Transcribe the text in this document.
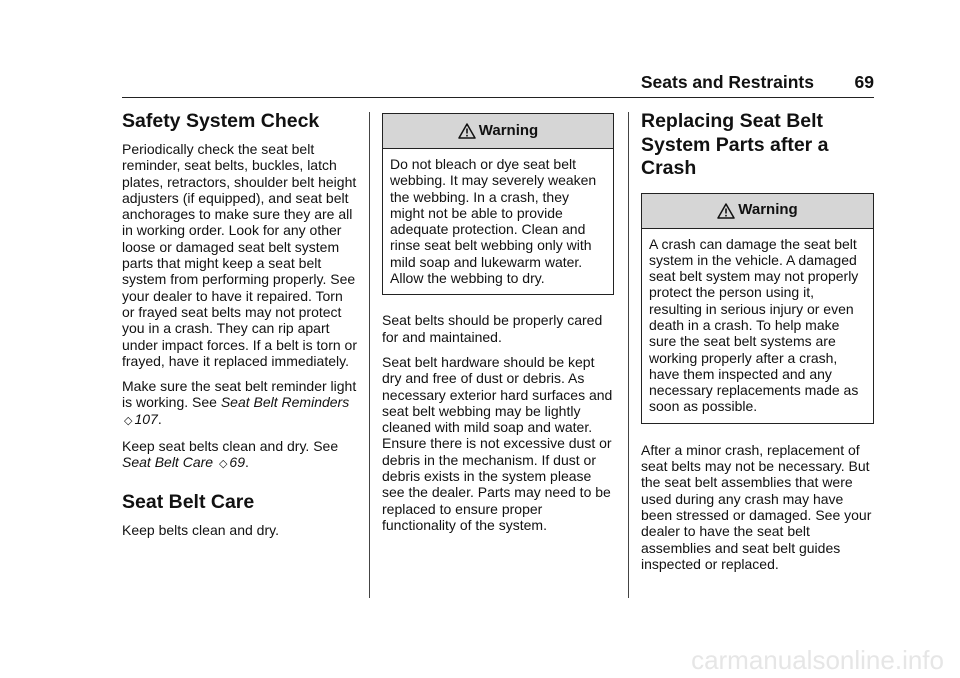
Seats and Restraints 69
Safety System Check

Periodically check the seat belt reminder, seat belts, buckles, latch plates, retractors, shoulder belt height adjusters (if equipped), and seat belt anchorages to make sure they are all in working order. Look for any other loose or damaged seat belt system parts that might keep a seat belt system from performing properly. See your dealer to have it repaired. Torn or frayed seat belts may not protect you in a crash. They can rip apart under impact forces. If a belt is torn or frayed, have it replaced immediately.

Make sure the seat belt reminder light is working. See Seat Belt Reminders ◇ 107.

Keep seat belts clean and dry. See Seat Belt Care ◇ 69.

Seat Belt Care

Keep belts clean and dry.

Warning
Do not bleach or dye seat belt webbing. It may severely weaken the webbing. In a crash, they might not be able to provide adequate protection. Clean and rinse seat belt webbing only with mild soap and lukewarm water. Allow the webbing to dry.

Seat belts should be properly cared for and maintained.

Seat belt hardware should be kept dry and free of dust or debris. As necessary exterior hard surfaces and seat belt webbing may be lightly cleaned with mild soap and water. Ensure there is not excessive dust or debris in the mechanism. If dust or debris exists in the system please see the dealer. Parts may need to be replaced to ensure proper functionality of the system.

Replacing Seat Belt System Parts after a Crash
Warning
A crash can damage the seat belt system in the vehicle. A damaged seat belt system may not properly protect the person using it, resulting in serious injury or even death in a crash. To help make sure the seat belt systems are working properly after a crash, have them inspected and any necessary replacements made as soon as possible.

After a minor crash, replacement of seat belts may not be necessary. But the seat belt assemblies that were used during any crash may have been stressed or damaged. See your dealer to have the seat belt assemblies and seat belt guides inspected or replaced.

carmanualsonline.info
